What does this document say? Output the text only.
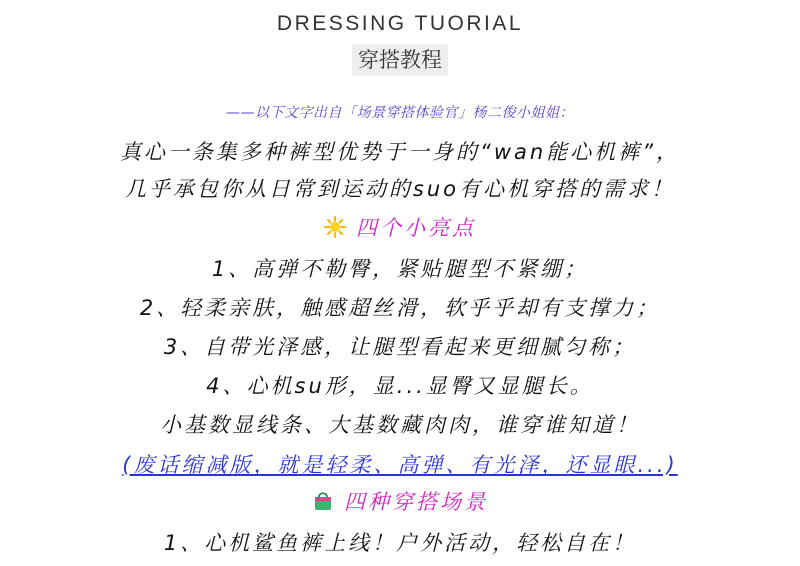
DRESSING TUORIAL
穿搭教程
——以下文字出自「场景穿搭体验官」杨二俊小姐姐：
真心一条集多种裤型优势于一身的“wan能心机裤”，
几乎承包你从日常到运动的suo有心机穿搭的需求！
四个小亮点
1、高弹不勒臀，紧贴腿型不紧绷；
2、轻柔亲肤，触感超丝滑，软乎乎却有支撑力；
3、自带光泽感，让腿型看起来更细腻匀称；
4、心机su形，显...显臀又显腿长。
小基数显线条、大基数藏肉肉，谁穿谁知道！
(废话缩减版，就是轻柔、高弹、有光泽，还显眼...)
四种穿搭场景
1、心机鲨鱼裤上线！户外活动，轻松自在！
